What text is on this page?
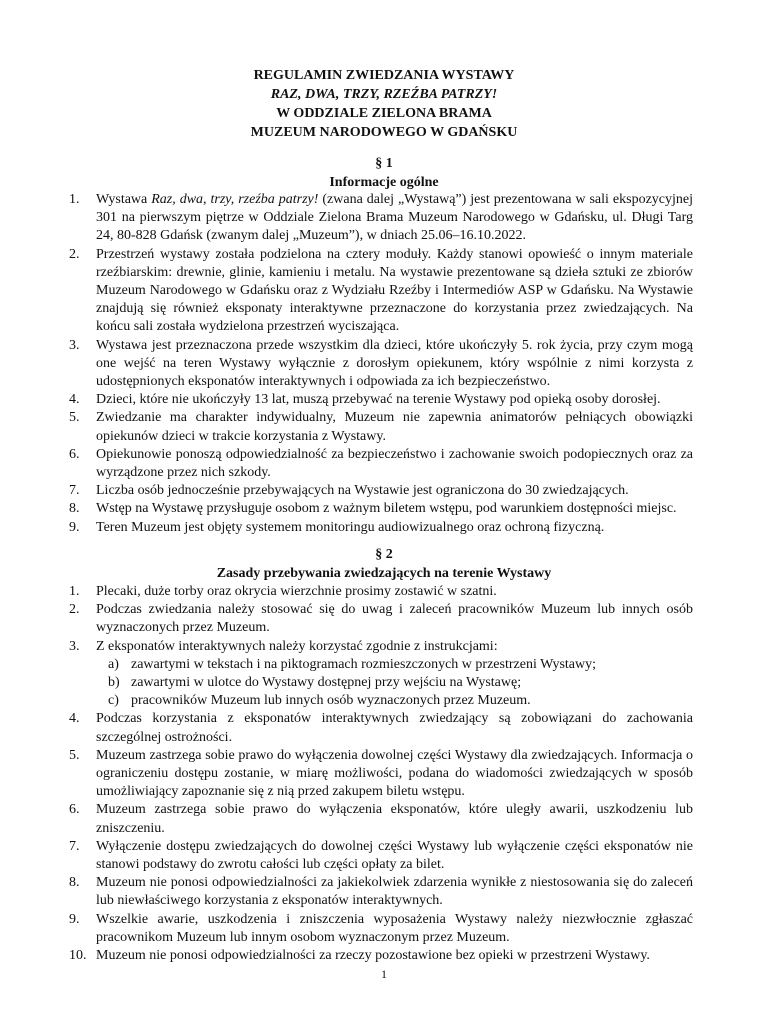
REGULAMIN ZWIEDZANIA WYSTAWY
RAZ, DWA, TRZY, RZEŹBA PATRZY!
W ODDZIALE ZIELONA BRAMA
MUZEUM NARODOWEGO W GDAŃSKU
§ 1
Informacje ogólne
1.	Wystawa Raz, dwa, trzy, rzeźba patrzy! (zwana dalej „Wystawą”) jest prezentowana w sali ekspozycyjnej 301 na pierwszym piętrze w Oddziale Zielona Brama Muzeum Narodowego w Gdańsku, ul. Długi Targ 24, 80-828 Gdańsk (zwanym dalej „Muzeum”), w dniach 25.06–16.10.2022.
2.	Przestrzeń wystawy została podzielona na cztery moduły. Każdy stanowi opowieść o innym materiale rzeźbiarskim: drewnie, glinie, kamieniu i metalu. Na wystawie prezentowane są dzieła sztuki ze zbiorów Muzeum Narodowego w Gdańsku oraz z Wydziału Rzeźby i Intermediów ASP w Gdańsku. Na Wystawie znajdują się również eksponaty interaktywne przeznaczone do korzystania przez zwiedzających. Na końcu sali została wydzielona przestrzeń wyciszająca.
3.	Wystawa jest przeznaczona przede wszystkim dla dzieci, które ukończyły 5. rok życia, przy czym mogą one wejść na teren Wystawy wyłącznie z dorosłym opiekunem, który wspólnie z nimi korzysta z udostępnionych eksponatów interaktywnych i odpowiada za ich bezpieczeństwo.
4.	Dzieci, które nie ukończyły 13 lat, muszą przebywać na terenie Wystawy pod opieką osoby dorosłej.
5.	Zwiedzanie ma charakter indywidualny, Muzeum nie zapewnia animatorów pełniących obowiązki opiekunów dzieci w trakcie korzystania z Wystawy.
6.	Opiekunowie ponoszą odpowiedzialność za bezpieczeństwo i zachowanie swoich podopiecznych oraz za wyrządzone przez nich szkody.
7.	Liczba osób jednocześnie przebywających na Wystawie jest ograniczona do 30 zwiedzających.
8.	Wstęp na Wystawę przysługuje osobom z ważnym biletem wstępu, pod warunkiem dostępności miejsc.
9.	Teren Muzeum jest objęty systemem monitoringu audiowizualnego oraz ochroną fizyczną.
§ 2
Zasady przebywania zwiedzających na terenie Wystawy
1.	Plecaki, duże torby oraz okrycia wierzchnie prosimy zostawić w szatni.
2.	Podczas zwiedzania należy stosować się do uwag i zaleceń pracowników Muzeum lub innych osób wyznaczonych przez Muzeum.
3.	Z eksponatów interaktywnych należy korzystać zgodnie z instrukcjami:
a) zawartymi w tekstach i na piktogramach rozmieszczonych w przestrzeni Wystawy;
b) zawartymi w ulotce do Wystawy dostępnej przy wejściu na Wystawę;
c) pracowników Muzeum lub innych osób wyznaczonych przez Muzeum.
4.	Podczas korzystania z eksponatów interaktywnych zwiedzający są zobowiązani do zachowania szczególnej ostrożności.
5.	Muzeum zastrzega sobie prawo do wyłączenia dowolnej części Wystawy dla zwiedzających. Informacja o ograniczeniu dostępu zostanie, w miarę możliwości, podana do wiadomości zwiedzających w sposób umożliwiający zapoznanie się z nią przed zakupem biletu wstępu.
6.	Muzeum zastrzega sobie prawo do wyłączenia eksponatów, które uległy awarii, uszkodzeniu lub zniszczeniu.
7.	Wyłączenie dostępu zwiedzających do dowolnej części Wystawy lub wyłączenie części eksponatów nie stanowi podstawy do zwrotu całości lub części opłaty za bilet.
8.	Muzeum nie ponosi odpowiedzialności za jakiekolwiek zdarzenia wynikłe z niestosowania się do zaleceń lub niewłaściwego korzystania z eksponatów interaktywnych.
9.	Wszelkie awarie, uszkodzenia i zniszczenia wyposażenia Wystawy należy niezwłocznie zgłaszać pracownikom Muzeum lub innym osobom wyznaczonym przez Muzeum.
10. Muzeum nie ponosi odpowiedzialności za rzeczy pozostawione bez opieki w przestrzeni Wystawy.
1
